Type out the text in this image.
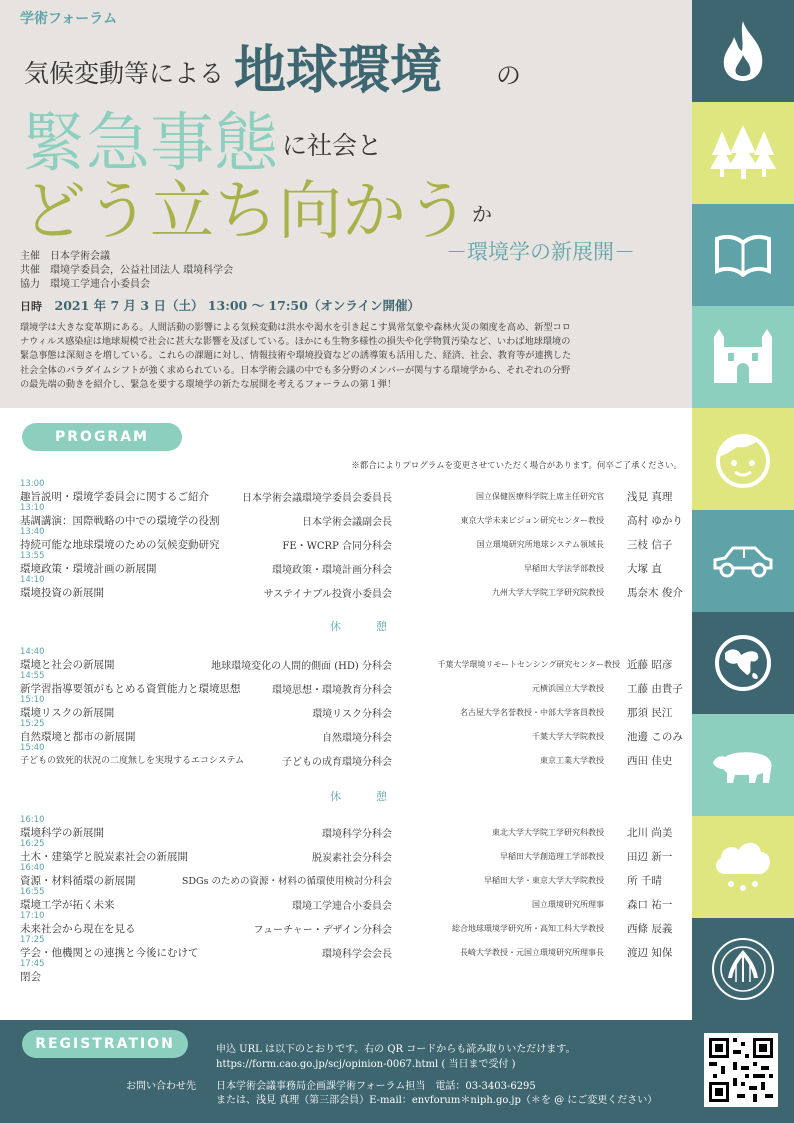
学術フォーラム
気候変動等による 地球環境 の
緊急事態 に社会と
どう立ち向かう か
－環境学の新展開－
主催　 日本学術会議
共催　 環境学委員会，公益社団法人 環境科学会
協力　 環境工学連合小委員会
日時　 2021 年 7 月 3 日（土） 13:00 ～ 17:50（オンライン開催）
環境学は大きな変革期にある。人間活動の影響による気候変動は洪水や渇水を引き起こす異常気象や森林火災の頻度を高め、新型コロ
ナウィルス感染症は地球規模で社会に甚大な影響を及ぼしている。ほかにも生物多様性の損失や化学物質汚染など、いわば地球環境の
緊急事態は深刻さを増している。これらの課題に対し、情報技術や環境投資などの誘導策も活用した、経済、社会、教育等が連携した
社会全体のパラダイムシフトが強く求められている。日本学術会議の中でも多分野のメンバーが関与する環境学から、それぞれの分野
の最先端の動きを紹介し、緊急を要する環境学の新たな展開を考えるフォーラムの第１弾！
PROGRAM
※都合によりプログラムを変更させていただく場合があります。何卒ご了承ください。
13:00
趣旨説明・環境学委員会に関するご紹介	日本学術会議環境学委員会委員長	国立保健医療科学院上席主任研究官 浅見 真理
13:10
基調講演：国際戦略の中での環境学の役割	日本学術会議副会長	東京大学未来ビジョン研究センター教授 高村 ゆかり
13:40
持続可能な地球環境のための気候変動研究	FE・WCRP 合同分科会	国立環境研究所地球システム領域長 三枝 信子
13:55
環境政策・環境計画の新展開	環境政策・環境計画分科会	早稲田大学法学部教授 大塚 直
14:10
環境投資の新展開	サステイナブル投資小委員会	九州大学大学院工学研究院教授 馬奈木 俊介
休　憩
14:40
環境と社会の新展開	地球環境変化の人間的側面 (HD) 分科会	千葉大学環境リモートセンシング研究センター教授 近藤 昭彦
14:55
新学習指導要領がもとめる資質能力と環境思想	環境思想・環境教育分科会	元横浜国立大学教授 工藤 由貴子
15:10
環境リスクの新展開	環境リスク分科会	名古屋大学名誉教授・中部大学客員教授 那須 民江
15:25
自然環境と都市の新展開	自然環境分科会	千葉大学大学院教授 池邊 このみ
15:40
子どもの致死的状況の二度無しを実現するエコシステム	子どもの成育環境分科会	東京工業大学教授 西田 佳史
休　憩
16:10
環境科学の新展開	環境科学分科会	東北大学大学院工学研究科教授 北川 尚美
16:25
土木・建築学と脱炭素社会の新展開	脱炭素社会分科会	早稲田大学創造理工学部教授 田辺 新一
16:40
資源・材料循環の新展開	SDGs のための資源・材料の循環使用検討分科会	早稲田大学・東京大学大学院教授 所 千晴
16:55
環境工学が拓く未来	環境工学連合小委員会	国立環境研究所理事 森口 祐一
17:10
未来社会から現在を見る	フューチャー・デザイン分科会	総合地球環境学研究所・高知工科大学教授 西條 辰義
17:25
学会・他機関との連携と今後にむけて	環境科学会会長	長崎大学教授・元国立環境研究所理事長 渡辺 知保
17:45
閉会
REGISTRATION	申込 URL は以下のとおりです。右の QR コードからも読み取りいただけます。
https://form.cao.go.jp/scj/opinion-0067.html ( 当日まで受付 )
お問い合わせ先 日本学術会議事務局企画課学術フォーラム担当　電話：03-3403-6295
または、浅見 真理（第三部会員）E-mail：envforum＊niph.go.jp（＊を @ にご変更ください）
